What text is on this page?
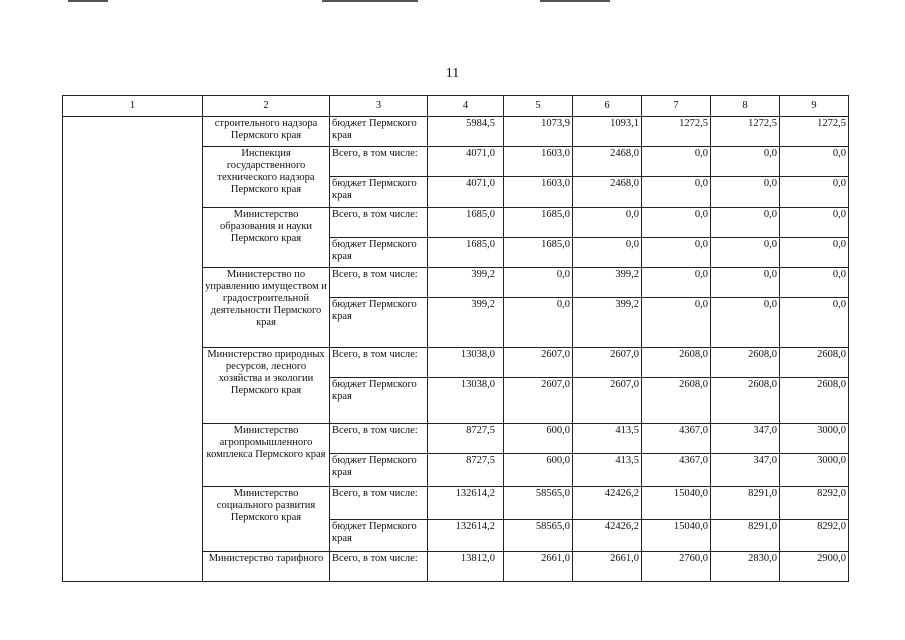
11
1	2	3	4	5	6	7	8	9
	строительного надзора Пермского края	бюджет Пермского края	5984,5	1073,9	1093,1	1272,5	1272,5	1272,5
	Инспекция государственного технического надзора Пермского края	Всего, в том числе:	4071,0	1603,0	2468,0	0,0	0,0	0,0
		бюджет Пермского края	4071,0	1603,0	2468,0	0,0	0,0	0,0
	Министерство образования и науки Пермского края	Всего, в том числе:	1685,0	1685,0	0,0	0,0	0,0	0,0
		бюджет Пермского края	1685,0	1685,0	0,0	0,0	0,0	0,0
	Министерство по управлению имуществом и градостроительной деятельности Пермского края	Всего, в том числе:	399,2	0,0	399,2	0,0	0,0	0,0
		бюджет Пермского края	399,2	0,0	399,2	0,0	0,0	0,0
	Министерство природных ресурсов, лесного хозяйства и экологии Пермского края	Всего, в том числе:	13038,0	2607,0	2607,0	2608,0	2608,0	2608,0
		бюджет Пермского края	13038,0	2607,0	2607,0	2608,0	2608,0	2608,0
	Министерство агропромышленного комплекса Пермского края	Всего, в том числе:	8727,5	600,0	413,5	4367,0	347,0	3000,0
		бюджет Пермского края	8727,5	600,0	413,5	4367,0	347,0	3000,0
	Министерство социального развития Пермского края	Всего, в том числе:	132614,2	58565,0	42426,2	15040,0	8291,0	8292,0
		бюджет Пермского края	132614,2	58565,0	42426,2	15040,0	8291,0	8292,0
	Министерство тарифного	Всего, в том числе:	13812,0	2661,0	2661,0	2760,0	2830,0	2900,0
